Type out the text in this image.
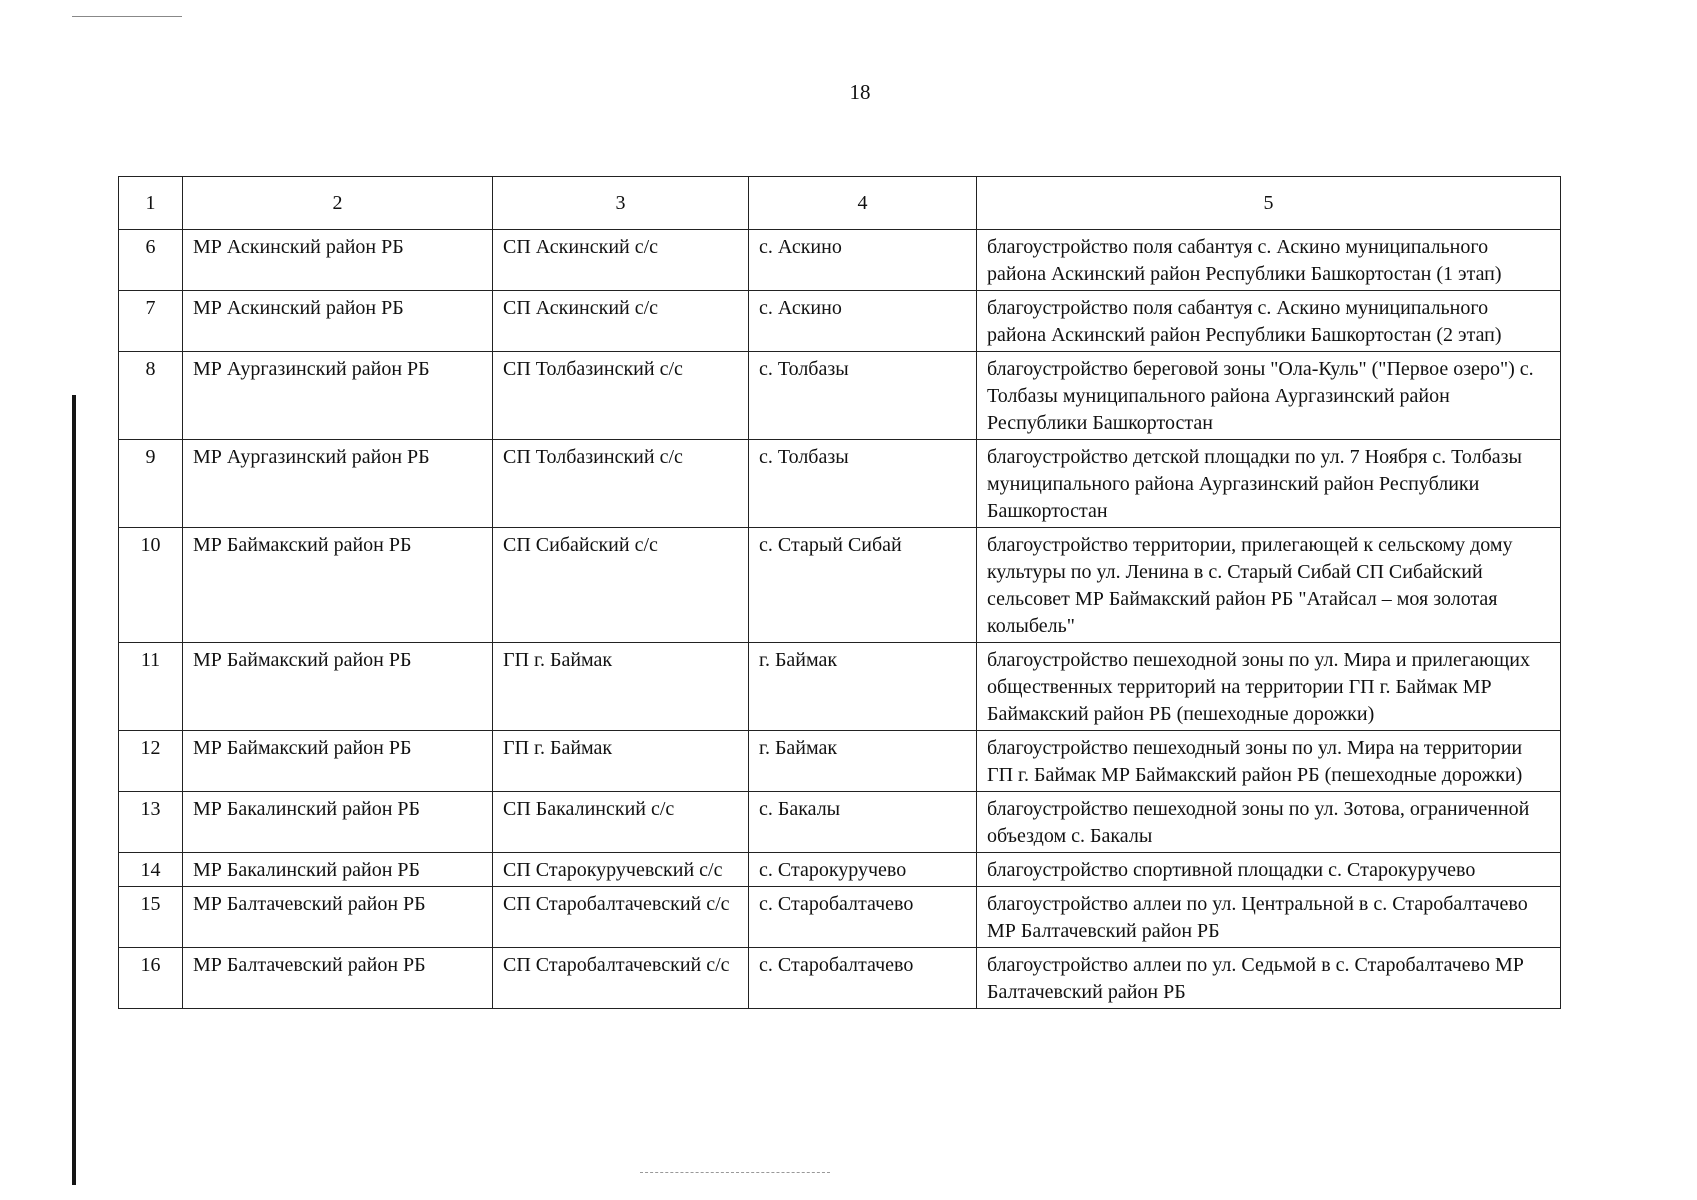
18
1	2	3	4	5
6	МР Аскинский район РБ	СП Аскинский с/с	с. Аскино	благоустройство поля сабантуя с. Аскино муниципального района Аскинский район Республики Башкортостан (1 этап)
7	МР Аскинский район РБ	СП Аскинский с/с	с. Аскино	благоустройство поля сабантуя с. Аскино муниципального района Аскинский район Республики Башкортостан (2 этап)
8	МР Аургазинский район РБ	СП Толбазинский с/с	с. Толбазы	благоустройство береговой зоны "Ола-Куль" ("Первое озеро") с. Толбазы муниципального района Аургазинский район Республики Башкортостан
9	МР Аургазинский район РБ	СП Толбазинский с/с	с. Толбазы	благоустройство детской площадки по ул. 7 Ноября с. Толбазы муниципального района Аургазинский район Республики Башкортостан
10	МР Баймакский район РБ	СП Сибайский с/с	с. Старый Сибай	благоустройство территории, прилегающей к сельскому дому культуры по ул. Ленина в с. Старый Сибай СП Сибайский сельсовет МР Баймакский район РБ "Атайсал – моя золотая колыбель"
11	МР Баймакский район РБ	ГП г. Баймак	г. Баймак	благоустройство пешеходной зоны по ул. Мира и прилегающих общественных территорий на территории ГП г. Баймак МР Баймакский район РБ (пешеходные дорожки)
12	МР Баймакский район РБ	ГП г. Баймак	г. Баймак	благоустройство пешеходный зоны по ул. Мира на территории ГП г. Баймак МР Баймакский район РБ (пешеходные дорожки)
13	МР Бакалинский район РБ	СП Бакалинский с/с	с. Бакалы	благоустройство пешеходной зоны по ул. Зотова, ограниченной объездом с. Бакалы
14	МР Бакалинский район РБ	СП Старокуручевский с/с	с. Старокуручево	благоустройство спортивной площадки с. Старокуручево
15	МР Балтачевский район РБ	СП Старобалтачевский с/с	с. Старобалтачево	благоустройство аллеи по ул. Центральной в с. Старобалтачево МР Балтачевский район РБ
16	МР Балтачевский район РБ	СП Старобалтачевский с/с	с. Старобалтачево	благоустройство аллеи по ул. Седьмой в с. Старобалтачево МР Балтачевский район РБ
